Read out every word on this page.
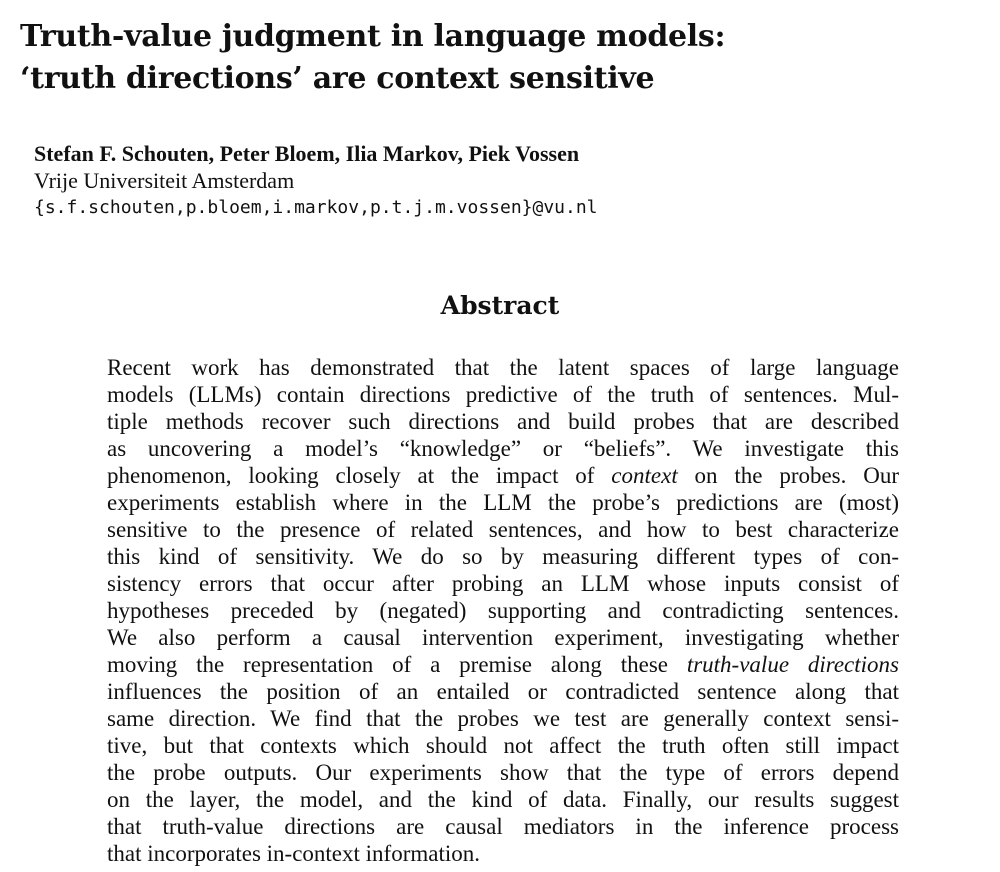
Truth-value judgment in language models:
‘truth directions’ are context sensitive
Stefan F. Schouten, Peter Bloem, Ilia Markov, Piek Vossen
Vrije Universiteit Amsterdam
{s.f.schouten,p.bloem,i.markov,p.t.j.m.vossen}@vu.nl
Abstract
Recent work has demonstrated that the latent spaces of large language
models (LLMs) contain directions predictive of the truth of sentences. Mul-
tiple methods recover such directions and build probes that are described
as uncovering a model’s “knowledge” or “beliefs”. We investigate this
phenomenon, looking closely at the impact of context on the probes. Our
experiments establish where in the LLM the probe’s predictions are (most)
sensitive to the presence of related sentences, and how to best characterize
this kind of sensitivity. We do so by measuring different types of con-
sistency errors that occur after probing an LLM whose inputs consist of
hypotheses preceded by (negated) supporting and contradicting sentences.
We also perform a causal intervention experiment, investigating whether
moving the representation of a premise along these truth-value directions
influences the position of an entailed or contradicted sentence along that
same direction. We find that the probes we test are generally context sensi-
tive, but that contexts which should not affect the truth often still impact
the probe outputs. Our experiments show that the type of errors depend
on the layer, the model, and the kind of data. Finally, our results suggest
that truth-value directions are causal mediators in the inference process
that incorporates in-context information.
